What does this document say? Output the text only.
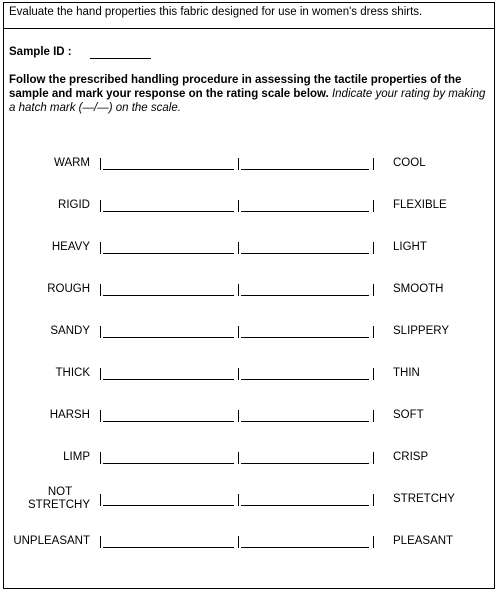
Evaluate the hand properties this fabric designed for use in women's dress shirts.
Sample ID :
Follow the prescribed handling procedure in assessing the tactile properties of the sample and mark your response on the rating scale below. Indicate your rating by making a hatch mark (—/—) on the scale.
WARM	COOL
RIGID	FLEXIBLE
HEAVY	LIGHT
ROUGH	SMOOTH
SANDY	SLIPPERY
THICK	THIN
HARSH	SOFT
LIMP	CRISP
NOT
STRETCHY	STRETCHY
UNPLEASANT	PLEASANT
